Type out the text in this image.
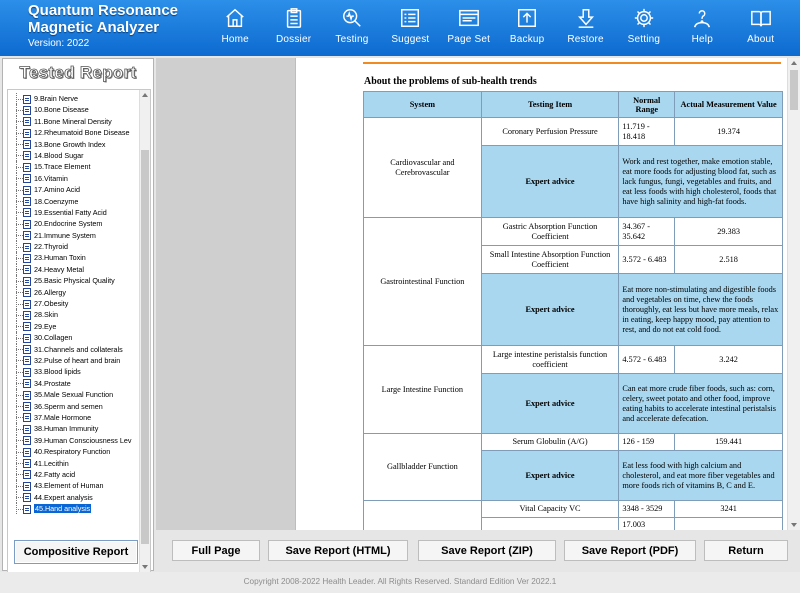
Quantum Resonance
Magnetic Analyzer
Version: 2022	Home	Dossier Testing Suggest Page Set Backup Restore Setting	Help	About
Tested Report
9.Brain Nerve
10.Bone Disease
11.Bone Mineral Density
12.Rheumatoid Bone Disease
13.Bone Growth Index
14.Blood Sugar
15.Trace Element
16.Vitamin
17.Amino Acid
18.Coenzyme
19.Essential Fatty Acid
20.Endocrine System
21.Immune System
22.Thyroid
23.Human Toxin
24.Heavy Metal
25.Basic Physical Quality
26.Allergy
27.Obesity
28.Skin
29.Eye
30.Collagen
31.Channels and collaterals
32.Pulse of heart and brain
33.Blood lipids
34.Prostate
35.Male Sexual Function
36.Sperm and semen
37.Male Hormone
38.Human Immunity
39.Human Consciousness Lev
40.Respiratory Function
41.Lecithin
42.Fatty acid
43.Element of Human
44.Expert analysis
45.Hand analysis
Compositive Report
About the problems of sub-health trends
System	Testing Item	Normal Range	Actual Measurement Value
Cardiovascular and Cerebrovascular	Coronary Perfusion Pressure	11.719 - 18.418	19.374
	Expert advice	Work and rest together, make emotion stable, eat more foods for adjusting blood fat, such as lack fungus, fungi, vegetables and fruits, and eat less foods with high cholesterol, foods that have high salinity and high-fat foods.	
Gastrointestinal Function	Gastric Absorption Function Coefficient	34.367 - 35.642	29.383
	Small Intestine Absorption Function Coefficient	3.572 - 6.483	2.518
	Expert advice	Eat more non-stimulating and digestible foods and vegetables on time, chew the foods thoroughly, eat less but have more meals, relax in eating, keep happy mood, pay attention to rest, and do not eat cold food.	
Large Intestine Function	Large intestine peristalsis function coefficient	4.572 - 6.483	3.242
	Expert advice	Can eat more crude fiber foods, such as: corn, celery, sweet potato and other food, improve eating habits to accelerate intestinal peristalsis and accelerate defecation.	
Gallbladder Function	Serum Globulin (A/G)	126 - 159	159.441
	Expert advice	Eat less food with high calcium and cholesterol, and eat more fiber vegetables and more foods rich of vitamins B, C and E.	
	Vital Capacity VC	3348 - 3529	3241
		17.003	
Full Page	Save Report (HTML)	Save Report (ZIP)	Save Report (PDF)	Return
Copyright 2008-2022 Health Leader. All Rights Reserved. Standard Edition Ver 2022.1
